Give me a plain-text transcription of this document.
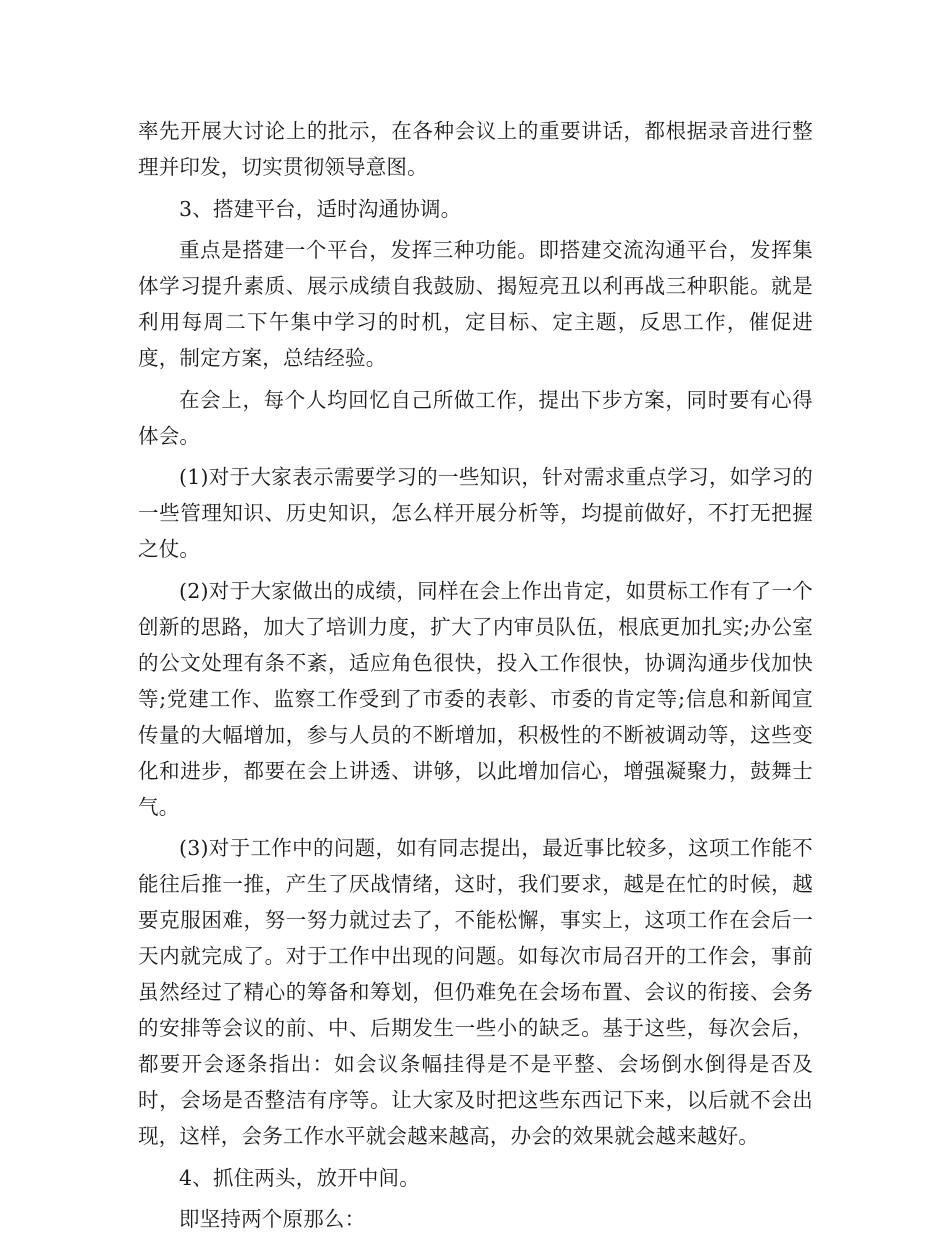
率先开展大讨论上的批示，在各种会议上的重要讲话，都根据录音进行整理并印发，切实贯彻领导意图。

3、搭建平台，适时沟通协调。

重点是搭建一个平台，发挥三种功能。即搭建交流沟通平台，发挥集体学习提升素质、展示成绩自我鼓励、揭短亮丑以利再战三种职能。就是利用每周二下午集中学习的时机，定目标、定主题，反思工作，催促进度，制定方案，总结经验。

在会上，每个人均回忆自己所做工作，提出下步方案，同时要有心得体会。

(1)对于大家表示需要学习的一些知识，针对需求重点学习，如学习的一些管理知识、历史知识，怎么样开展分析等，均提前做好，不打无把握之仗。

(2)对于大家做出的成绩，同样在会上作出肯定，如贯标工作有了一个创新的思路，加大了培训力度，扩大了内审员队伍，根底更加扎实;办公室的公文处理有条不紊，适应角色很快，投入工作很快，协调沟通步伐加快等;党建工作、监察工作受到了市委的表彰、市委的肯定等;信息和新闻宣传量的大幅增加，参与人员的不断增加，积极性的不断被调动等，这些变化和进步，都要在会上讲透、讲够，以此增加信心，增强凝聚力，鼓舞士气。

(3)对于工作中的问题，如有同志提出，最近事比较多，这项工作能不能往后推一推，产生了厌战情绪，这时，我们要求，越是在忙的时候，越要克服困难，努一努力就过去了，不能松懈，事实上，这项工作在会后一天内就完成了。对于工作中出现的问题。如每次市局召开的工作会，事前虽然经过了精心的筹备和筹划，但仍难免在会场布置、会议的衔接、会务的安排等会议的前、中、后期发生一些小的缺乏。基于这些，每次会后，都要开会逐条指出：如会议条幅挂得是不是平整、会场倒水倒得是否及时，会场是否整洁有序等。让大家及时把这些东西记下来，以后就不会出现，这样，会务工作水平就会越来越高，办会的效果就会越来越好。

4、抓住两头，放开中间。

即坚持两个原那么：
